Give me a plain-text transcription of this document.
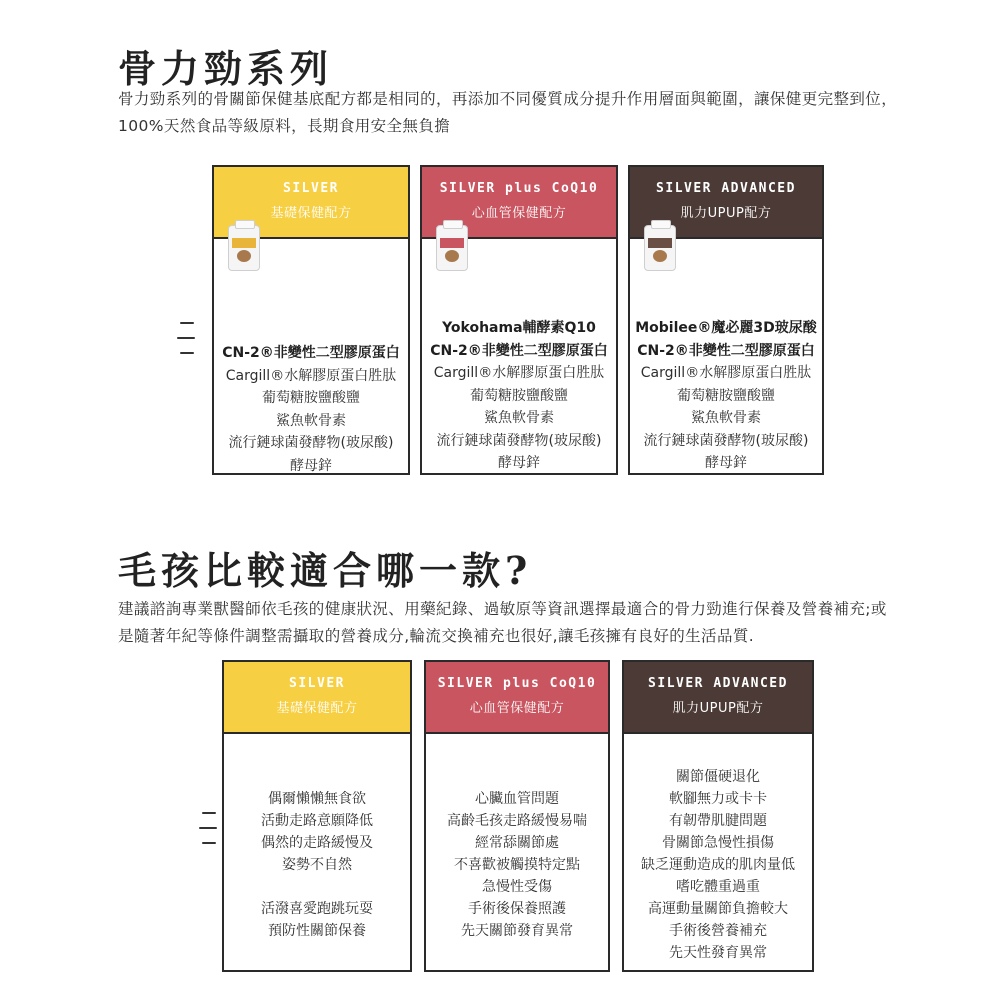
骨力勁系列

骨力勁系列的骨關節保健基底配方都是相同的，再添加不同優質成分提升作用層面與範圍，讓保健更完整到位，100%天然食品等級原料，長期食用安全無負擔

SILVER
基礎保健配方
CN-2®非變性二型膠原蛋白
Cargill®水解膠原蛋白胜肽
葡萄糖胺鹽酸鹽
鯊魚軟骨素
流行鏈球菌發酵物(玻尿酸)
酵母鋅
SILVER plus CoQ10
心血管保健配方
Yokohama輔酵素Q10
CN-2®非變性二型膠原蛋白
Cargill®水解膠原蛋白胜肽
葡萄糖胺鹽酸鹽
鯊魚軟骨素
流行鏈球菌發酵物(玻尿酸)
酵母鋅
SILVER ADVANCED
肌力UPUP配方
Mobilee®魔必麗3D玻尿酸
CN-2®非變性二型膠原蛋白
Cargill®水解膠原蛋白胜肽
葡萄糖胺鹽酸鹽
鯊魚軟骨素
流行鏈球菌發酵物(玻尿酸)
酵母鋅
毛孩比較適合哪一款?

建議諮詢專業獸醫師依毛孩的健康狀況、用藥紀錄、過敏原等資訊選擇最適合的骨力勁進行保養及營養補充;或是隨著年紀等條件調整需攝取的營養成分,輪流交換補充也很好,讓毛孩擁有良好的生活品質.

SILVER
基礎保健配方
偶爾懶懶無食欲
活動走路意願降低
偶然的走路緩慢及
姿勢不自然
活潑喜愛跑跳玩耍
預防性關節保養
SILVER plus CoQ10
心血管保健配方
心臟血管問題
高齡毛孩走路緩慢易喘
經常舔關節處
不喜歡被觸摸特定點
急慢性受傷
手術後保養照護
先天關節發育異常
SILVER ADVANCED
肌力UPUP配方
關節僵硬退化
軟腳無力或卡卡
有韌帶肌腱問題
骨關節急慢性損傷
缺乏運動造成的肌肉量低
嗜吃體重過重
高運動量關節負擔較大
手術後營養補充
先天性發育異常
